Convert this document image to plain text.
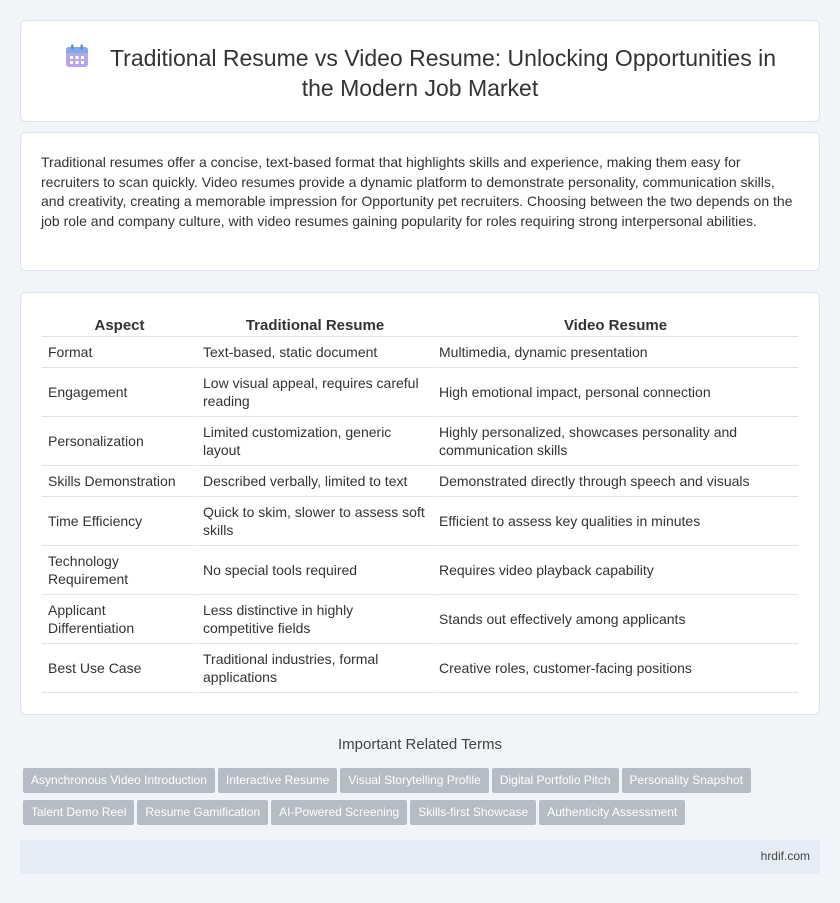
Traditional Resume vs Video Resume: Unlocking Opportunities in the Modern Job Market

Traditional resumes offer a concise, text-based format that highlights skills and experience, making them easy for recruiters to scan quickly. Video resumes provide a dynamic platform to demonstrate personality, communication skills, and creativity, creating a memorable impression for Opportunity pet recruiters. Choosing between the two depends on the job role and company culture, with video resumes gaining popularity for roles requiring strong interpersonal abilities.

Aspect	Traditional Resume	Video Resume
Format	Text-based, static document	Multimedia, dynamic presentation
Engagement	Low visual appeal, requires careful reading	High emotional impact, personal connection
Personalization	Limited customization, generic layout	Highly personalized, showcases personality and communication skills
Skills Demonstration	Described verbally, limited to text	Demonstrated directly through speech and visuals
Time Efficiency	Quick to skim, slower to assess soft skills	Efficient to assess key qualities in minutes
Technology Requirement	No special tools required	Requires video playback capability
Applicant Differentiation	Less distinctive in highly competitive fields	Stands out effectively among applicants
Best Use Case	Traditional industries, formal applications	Creative roles, customer-facing positions
Important Related Terms
Asynchronous Video Introduction Interactive Resume Visual Storytelling Profile Digital Portfolio Pitch Personality SnapshotTalent Demo Reel Resume Gamification AI-Powered Screening Skills-first Showcase Authenticity Assessment
hrdif.com
